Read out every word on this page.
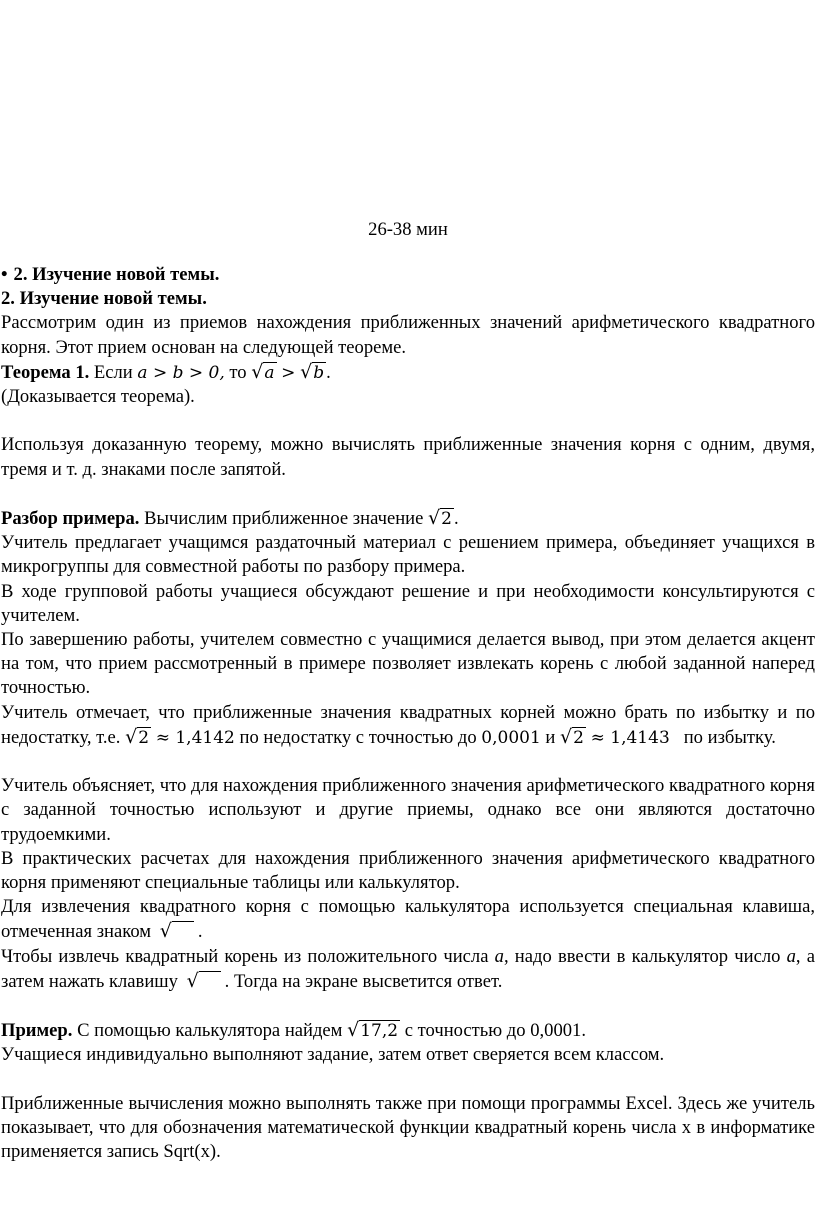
26-38 мин

• 2. Изучение новой темы.

2. Изучение новой темы.

Рассмотрим один из приемов нахождения приближенных значений арифметического квадратного корня. Этот прием основан на следующей теореме.

Теорема 1. Если a > b > 0, то √a > √b .

(Доказывается теорема).

Используя доказанную теорему, можно вычислять приближенные значения корня с одним, двумя, тремя и т. д. знаками после запятой.

Разбор примера. Вычислим приближенное значение √2 .

Учитель предлагает учащимся раздаточный материал с решением примера, объединяет учащихся в микрогруппы для совместной работы по разбору примера.

В ходе групповой работы учащиеся обсуждают решение и при необходимости консультируются с учителем.

По завершению работы, учителем совместно с учащимися делается вывод, при этом делается акцент на том, что прием рассмотренный в примере позволяет извлекать корень с любой заданной наперед точностью.

Учитель отмечает, что приближенные значения квадратных корней можно брать по избытку и по недостатку, т.е. √2 ≈ 1,4142 по недостатку с точностью до 0,0001 и √2 ≈ 1,4143 по избытку.

Учитель объясняет, что для нахождения приближенного значения арифметического квадратного корня с заданной точностью используют и другие приемы, однако все они являются достаточно трудоемкими.

В практических расчетах для нахождения приближенного значения арифметического квадратного корня применяют специальные таблицы или калькулятор.

Для извлечения квадратного корня с помощью калькулятора используется специальная клавиша, отмеченная знаком √ .

Чтобы извлечь квадратный корень из положительного числа a, надо ввести в калькулятор число a, а затем нажать клавишу √ . Тогда на экране высветится ответ.

Пример. С помощью калькулятора найдем √17,2 с точностью до 0,0001.

Учащиеся индивидуально выполняют задание, затем ответ сверяется всем классом.

Приближенные вычисления можно выполнять также при помощи программы Excel. Здесь же учитель показывает, что для обозначения математической функции квадратный корень числа х в информатике применяется запись Sqrt(x).
